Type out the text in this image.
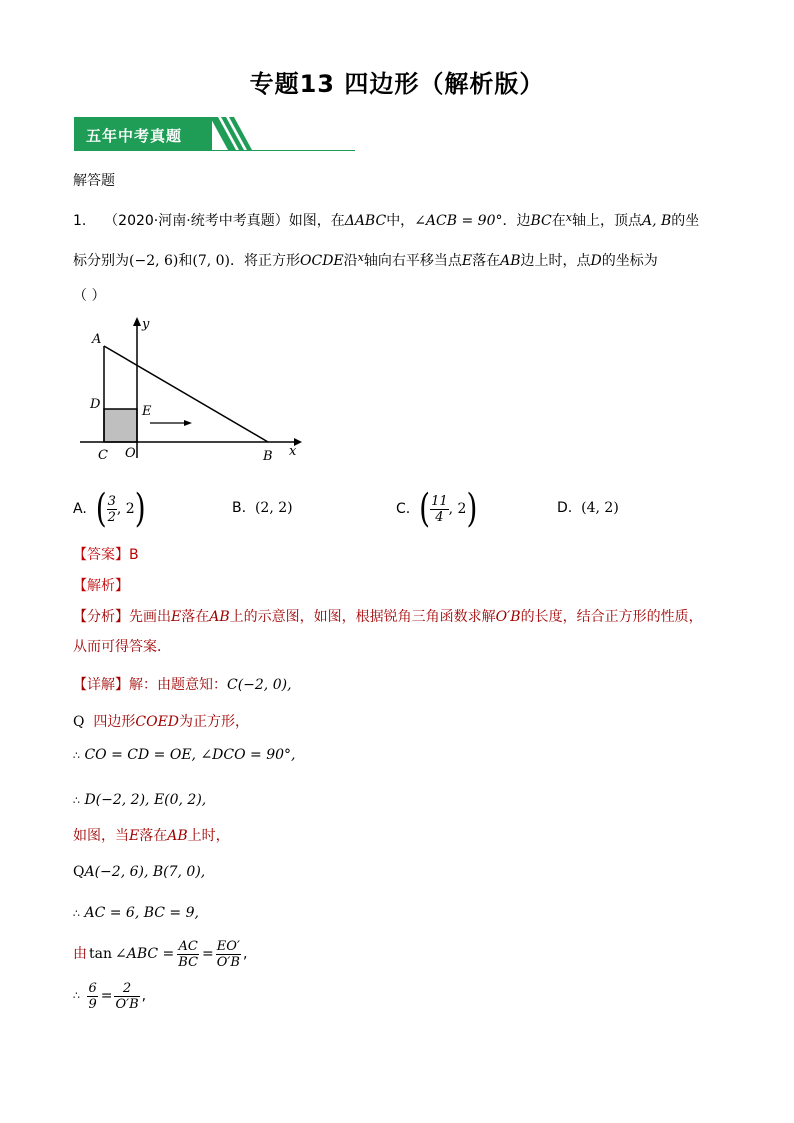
专题13 四边形（解析版）
五年中考真题
解答题
1. （2020·河南·统考中考真题）如图，在ΔABC中，∠ACB = 90°．边BC在$^x$轴上，顶点A, B的坐
标分别为(−2, 6)和(7, 0)．将正方形OCDE沿$^x$轴向右平移当点E落在AB边上时，点D的坐标为
（ ）
y
A
D	E
C O	B x
A.
( $\frac{3}{2}$ , 2 )	B. (2, 2)	C.
( $\frac{11}{4}$ , 2 )	D. (4, 2)
【答案】B
【解析】
【分析】先画出E落在AB上的示意图，如图，根据锐角三角函数求解O′B的长度，结合正方形的性质，
从而可得答案．
【详解】解：由题意知：C(−2, 0),
Q 四边形COED为正方形，
∴ CO = CD = OE, ∠DCO = 90°,
∴ D(−2, 2), E(0, 2),
如图，当E落在AB上时，
QA(−2, 6), B(7, 0),
∴ AC = 6, BC = 9,
由 tan ∠ABC = $\frac{AC}{BC} = \frac{EO'}{O'B}$ ,
∴
$\frac{6}{9} = \frac{2}{O'B}$ ,
